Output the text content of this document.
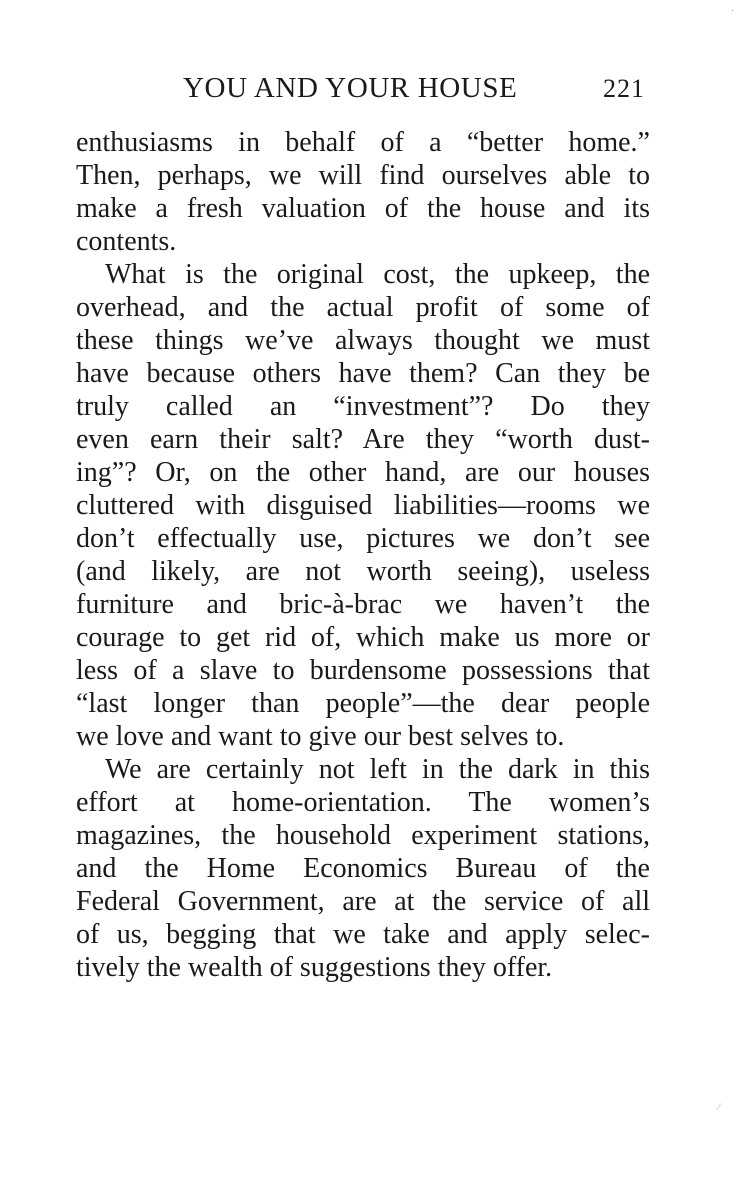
YOU AND YOUR HOUSE	221
enthusiasms in behalf of a “better home.”
Then, perhaps, we will find ourselves able to
make a fresh valuation of the house and its
contents.
What is the original cost, the upkeep, the
overhead, and the actual profit of some of
these things we’ve always thought we must
have because others have them? Can they be
truly called an “investment”? Do they
even earn their salt? Are they “worth dust-
ing”? Or, on the other hand, are our houses
cluttered with disguised liabilities—rooms we
don’t effectually use, pictures we don’t see
(and likely, are not worth seeing), useless
furniture and bric-à-brac we haven’t the
courage to get rid of, which make us more or
less of a slave to burdensome possessions that
“last longer than people”—the dear people
we love and want to give our best selves to.
We are certainly not left in the dark in this
effort at home-orientation. The women’s
magazines, the household experiment stations,
and the Home Economics Bureau of the
Federal Government, are at the service of all
of us, begging that we take and apply selec-
tively the wealth of suggestions they offer.
․
⁄
